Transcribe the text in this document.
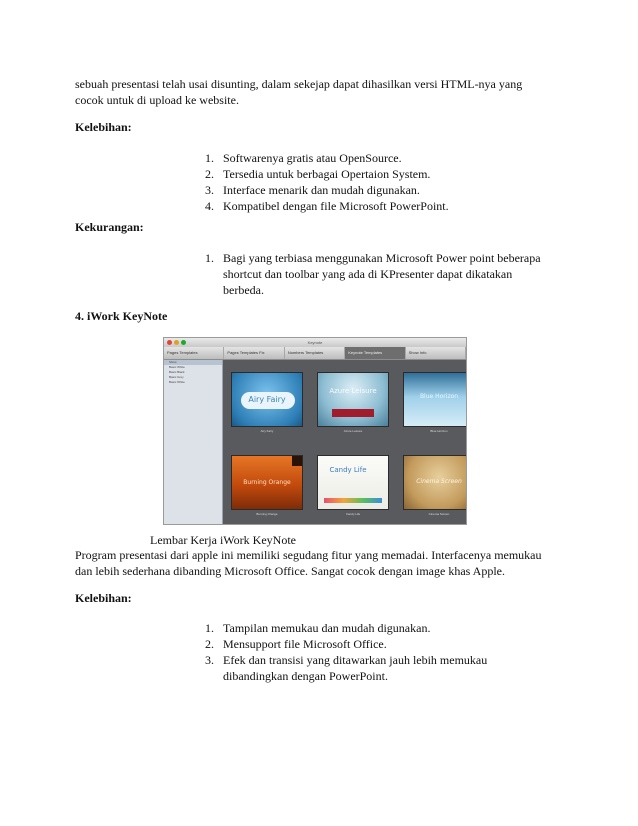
sebuah presentasi telah usai disunting, dalam sekejap dapat dihasilkan versi HTML-nya yang

cocok untuk di upload ke website.

Kelebihan:

1. Softwarenya gratis atau OpenSource.
2. Tersedia untuk berbagai Opertaion System.
3. Interface menarik dan mudah digunakan.
4. Kompatibel dengan file Microsoft PowerPoint.

Kekurangan:

1. Bagi yang terbiasa menggunakan Microsoft Power point beberapa
shortcut dan toolbar yang ada di KPresenter dapat dikatakan
berbeda.

4. iWork KeyNote

Keynote
Pages Templates	Pages Templates Fix	Numbers Templates	Keynote Templates	Show Info
Show
Basic White
Basic Black
Basic Grey
Basic White
Airy Fairy
Airy Fairy
Azure Leisure
Azure Leisure
Blue Horizon
Blue Horizon
Burning Orange
Burning Orange
Candy Life
Candy Life
Cinema Screen
Cinema Screen

Lembar Kerja iWork KeyNote

Program presentasi dari apple ini memiliki segudang fitur yang memadai. Interfacenya memukau

dan lebih sederhana dibanding Microsoft Office. Sangat cocok dengan image khas Apple.

Kelebihan:

1. Tampilan memukau dan mudah digunakan.
2. Mensupport file Microsoft Office.
3. Efek dan transisi yang ditawarkan jauh lebih memukau
dibandingkan dengan PowerPoint.
